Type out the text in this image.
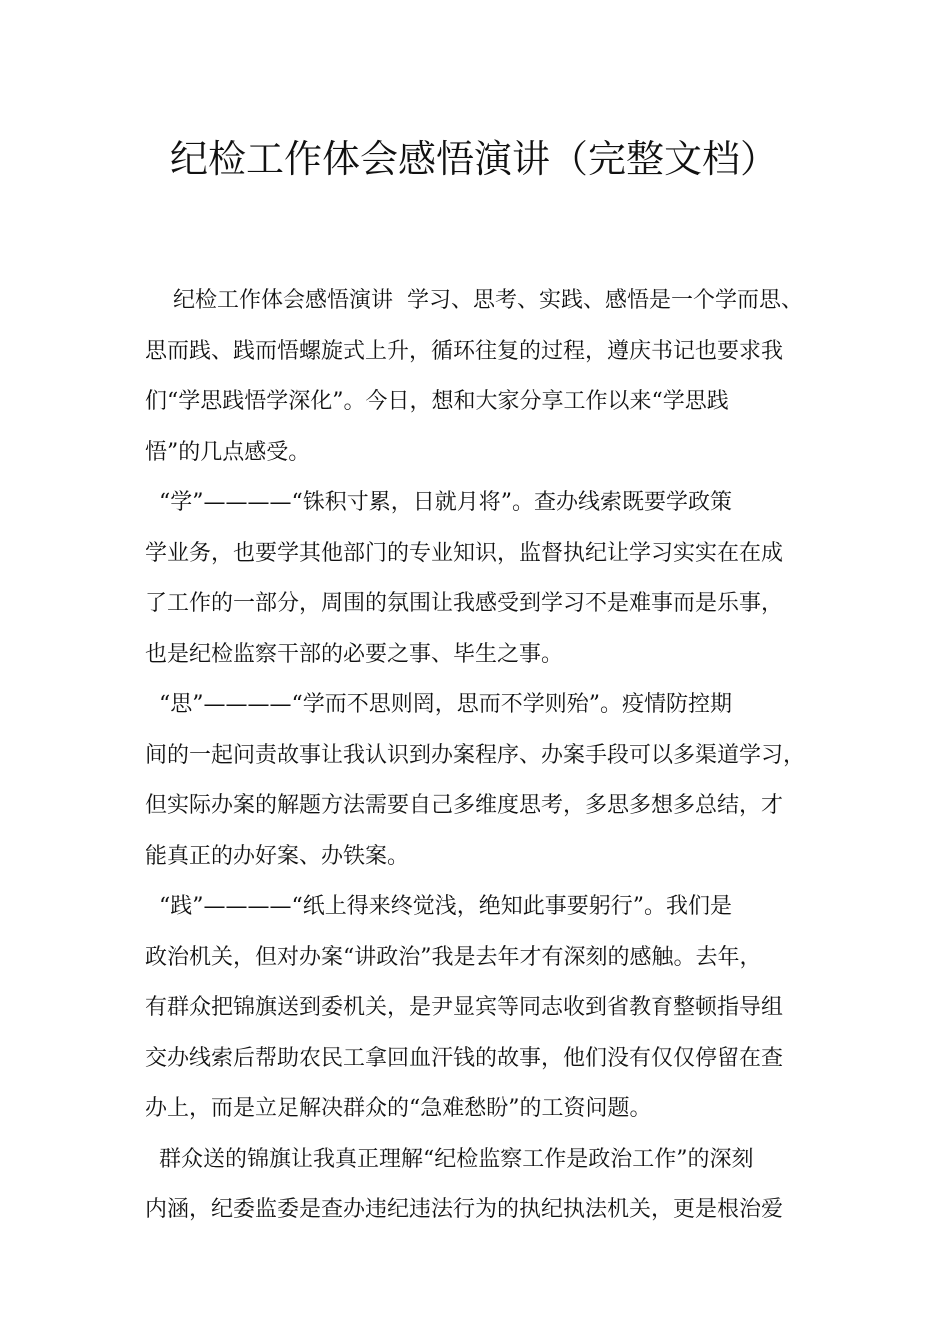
纪检工作体会感悟演讲（完整文档）
纪检工作体会感悟演讲  学习、思考、实践、感悟是一个学而思、
思而践、践而悟螺旋式上升，循环往复的过程，遵庆书记也要求我
们“学思践悟学深化”。今日，想和大家分享工作以来“学思践
悟”的几点感受。
“学”————“铢积寸累，日就月将”。查办线索既要学政策
学业务，也要学其他部门的专业知识，监督执纪让学习实实在在成
了工作的一部分，周围的氛围让我感受到学习不是难事而是乐事，
也是纪检监察干部的必要之事、毕生之事。
“思”————“学而不思则罔，思而不学则殆”。疫情防控期
间的一起问责故事让我认识到办案程序、办案手段可以多渠道学习，
但实际办案的解题方法需要自己多维度思考，多思多想多总结，才
能真正的办好案、办铁案。
“践”————“纸上得来终觉浅，绝知此事要躬行”。我们是
政治机关，但对办案“讲政治”我是去年才有深刻的感触。去年，
有群众把锦旗送到委机关，是尹显宾等同志收到省教育整顿指导组
交办线索后帮助农民工拿回血汗钱的故事，他们没有仅仅停留在查
办上，而是立足解决群众的“急难愁盼”的工资问题。
群众送的锦旗让我真正理解“纪检监察工作是政治工作”的深刻
内涵，纪委监委是查办违纪违法行为的执纪执法机关，更是根治爱
